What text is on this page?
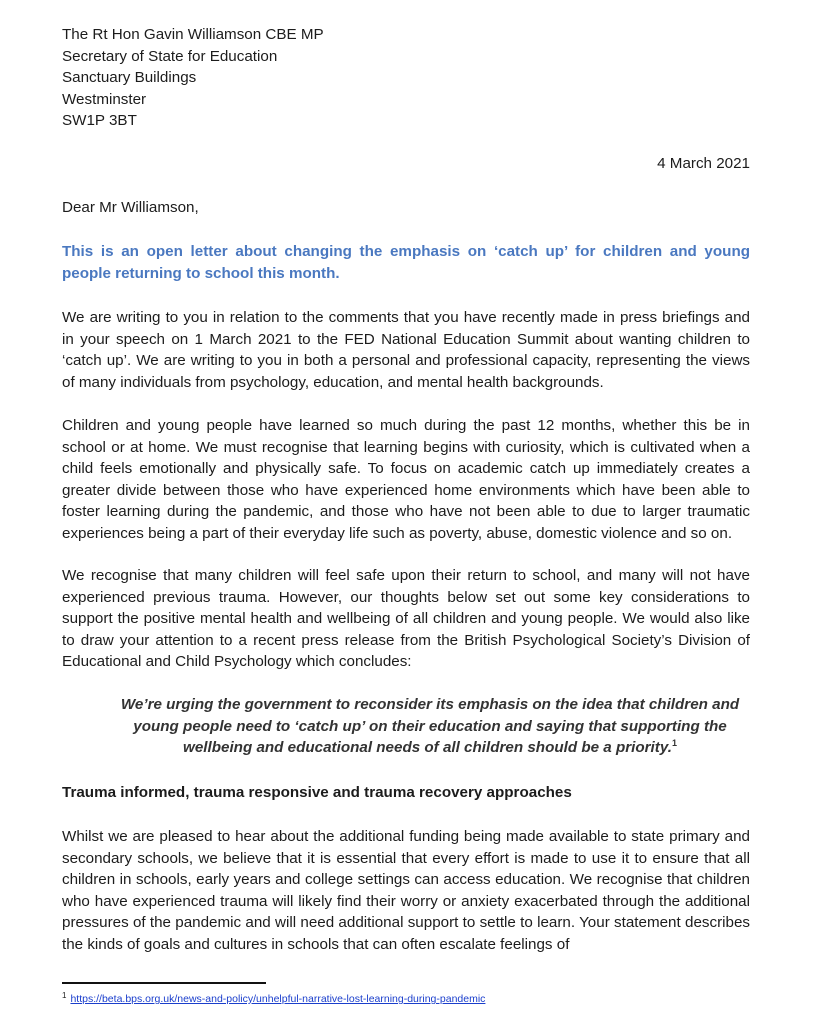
The Rt Hon Gavin Williamson CBE MP
Secretary of State for Education
Sanctuary Buildings
Westminster
SW1P 3BT
4 March 2021
Dear Mr Williamson,
This is an open letter about changing the emphasis on ‘catch up’ for children and young people returning to school this month.
We are writing to you in relation to the comments that you have recently made in press briefings and in your speech on 1 March 2021 to the FED National Education Summit about wanting children to ‘catch up’. We are writing to you in both a personal and professional capacity, representing the views of many individuals from psychology, education, and mental health backgrounds.
Children and young people have learned so much during the past 12 months, whether this be in school or at home. We must recognise that learning begins with curiosity, which is cultivated when a child feels emotionally and physically safe. To focus on academic catch up immediately creates a greater divide between those who have experienced home environments which have been able to foster learning during the pandemic, and those who have not been able to due to larger traumatic experiences being a part of their everyday life such as poverty, abuse, domestic violence and so on.
We recognise that many children will feel safe upon their return to school, and many will not have experienced previous trauma. However, our thoughts below set out some key considerations to support the positive mental health and wellbeing of all children and young people. We would also like to draw your attention to a recent press release from the British Psychological Society’s Division of Educational and Child Psychology which concludes:
We’re urging the government to reconsider its emphasis on the idea that children and young people need to ‘catch up’ on their education and saying that supporting the wellbeing and educational needs of all children should be a priority.$^1$
Trauma informed, trauma responsive and trauma recovery approaches
Whilst we are pleased to hear about the additional funding being made available to state primary and secondary schools, we believe that it is essential that every effort is made to use it to ensure that all children in schools, early years and college settings can access education. We recognise that children who have experienced trauma will likely find their worry or anxiety exacerbated through the additional pressures of the pandemic and will need additional support to settle to learn. Your statement describes the kinds of goals and cultures in schools that can often escalate feelings of
$^1$ https://beta.bps.org.uk/news-and-policy/unhelpful-narrative-lost-learning-during-pandemic
